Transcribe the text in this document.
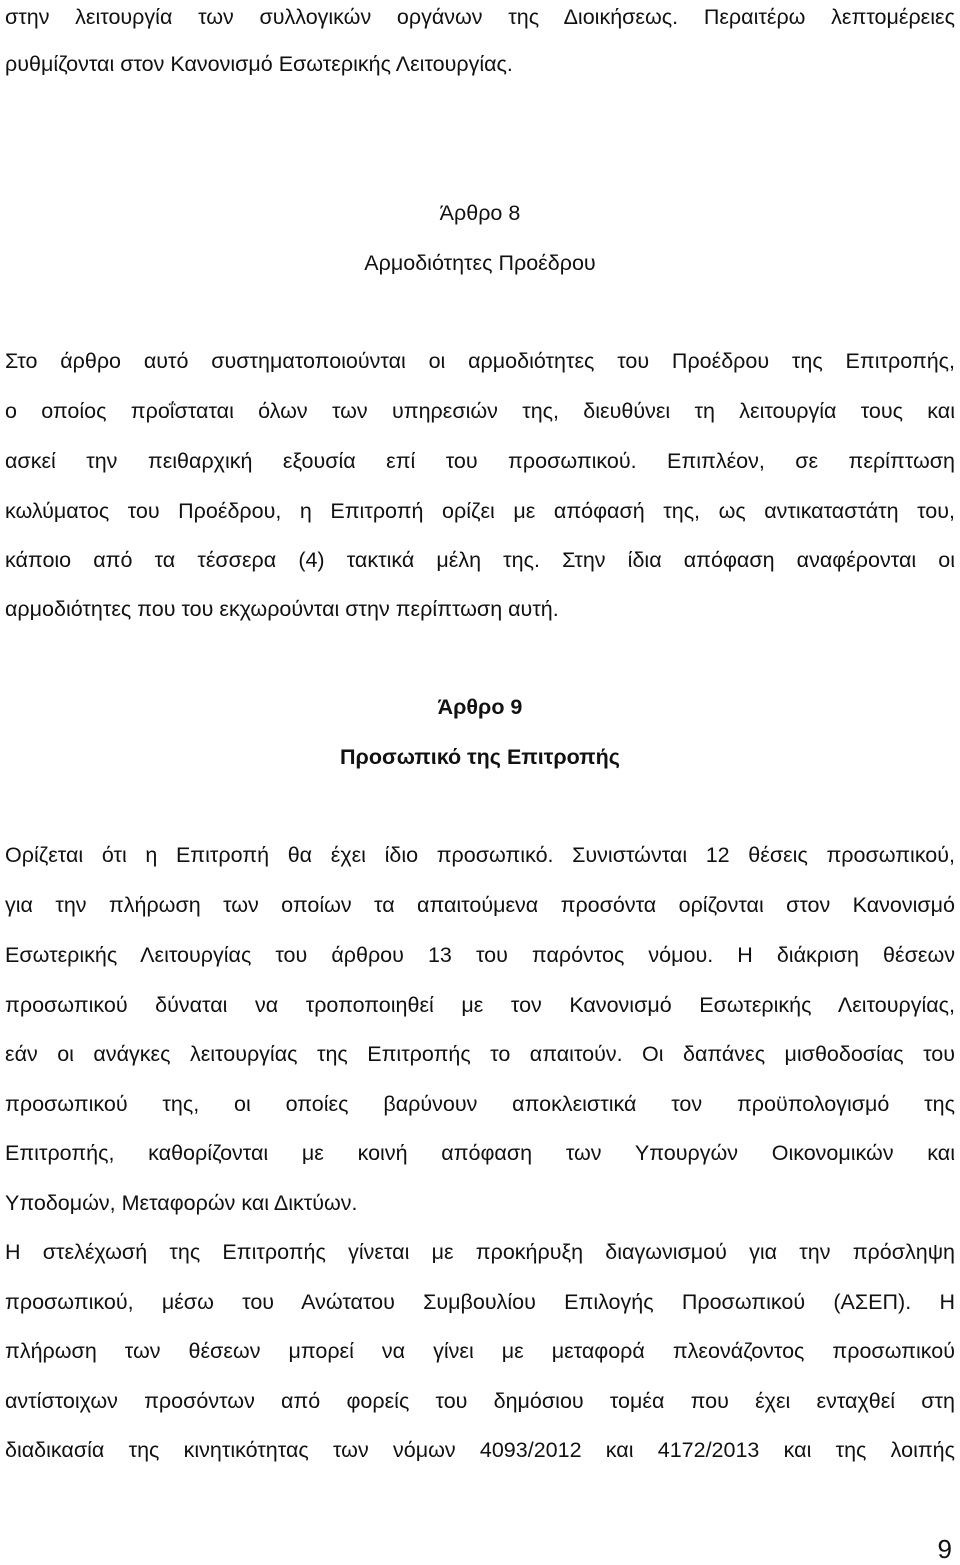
στην λειτουργία των συλλογικών οργάνων της Διοικήσεως. Περαιτέρω λεπτομέρειες
ρυθμίζονται στον Κανονισμό Εσωτερικής Λειτουργίας.
Άρθρο 8
Αρμοδιότητες Προέδρου
Στο άρθρο αυτό συστηματοποιούνται οι αρμοδιότητες του Προέδρου της Επιτροπής,
ο οποίος προΐσταται όλων των υπηρεσιών της, διευθύνει τη λειτουργία τους και
ασκεί την πειθαρχική εξουσία επί του προσωπικού. Επιπλέον, σε περίπτωση
κωλύματος του Προέδρου, η Επιτροπή ορίζει με απόφασή της, ως αντικαταστάτη του,
κάποιο από τα τέσσερα (4) τακτικά μέλη της. Στην ίδια απόφαση αναφέρονται οι
αρμοδιότητες που του εκχωρούνται στην περίπτωση αυτή.
Άρθρο 9
Προσωπικό της Επιτροπής
Ορίζεται ότι η Επιτροπή θα έχει ίδιο προσωπικό. Συνιστώνται 12 θέσεις προσωπικού,
για την πλήρωση των οποίων τα απαιτούμενα προσόντα ορίζονται στον Κανονισμό
Εσωτερικής Λειτουργίας του άρθρου 13 του παρόντος νόμου. Η διάκριση θέσεων
προσωπικού δύναται να τροποποιηθεί με τον Κανονισμό Εσωτερικής Λειτουργίας,
εάν οι ανάγκες λειτουργίας της Επιτροπής το απαιτούν. Οι δαπάνες μισθοδοσίας του
προσωπικού της, οι οποίες βαρύνουν αποκλειστικά τον προϋπολογισμό της
Επιτροπής, καθορίζονται με κοινή απόφαση των Υπουργών Οικονομικών και
Υποδομών, Μεταφορών και Δικτύων.
Η στελέχωσή της Επιτροπής γίνεται με προκήρυξη διαγωνισμού για την πρόσληψη
προσωπικού, μέσω του Ανώτατου Συμβουλίου Επιλογής Προσωπικού (ΑΣΕΠ). Η
πλήρωση των θέσεων μπορεί να γίνει με μεταφορά πλεονάζοντος προσωπικού
αντίστοιχων προσόντων από φορείς του δημόσιου τομέα που έχει ενταχθεί στη
διαδικασία της κινητικότητας των νόμων 4093/2012 και 4172/2013 και της λοιπής
9
